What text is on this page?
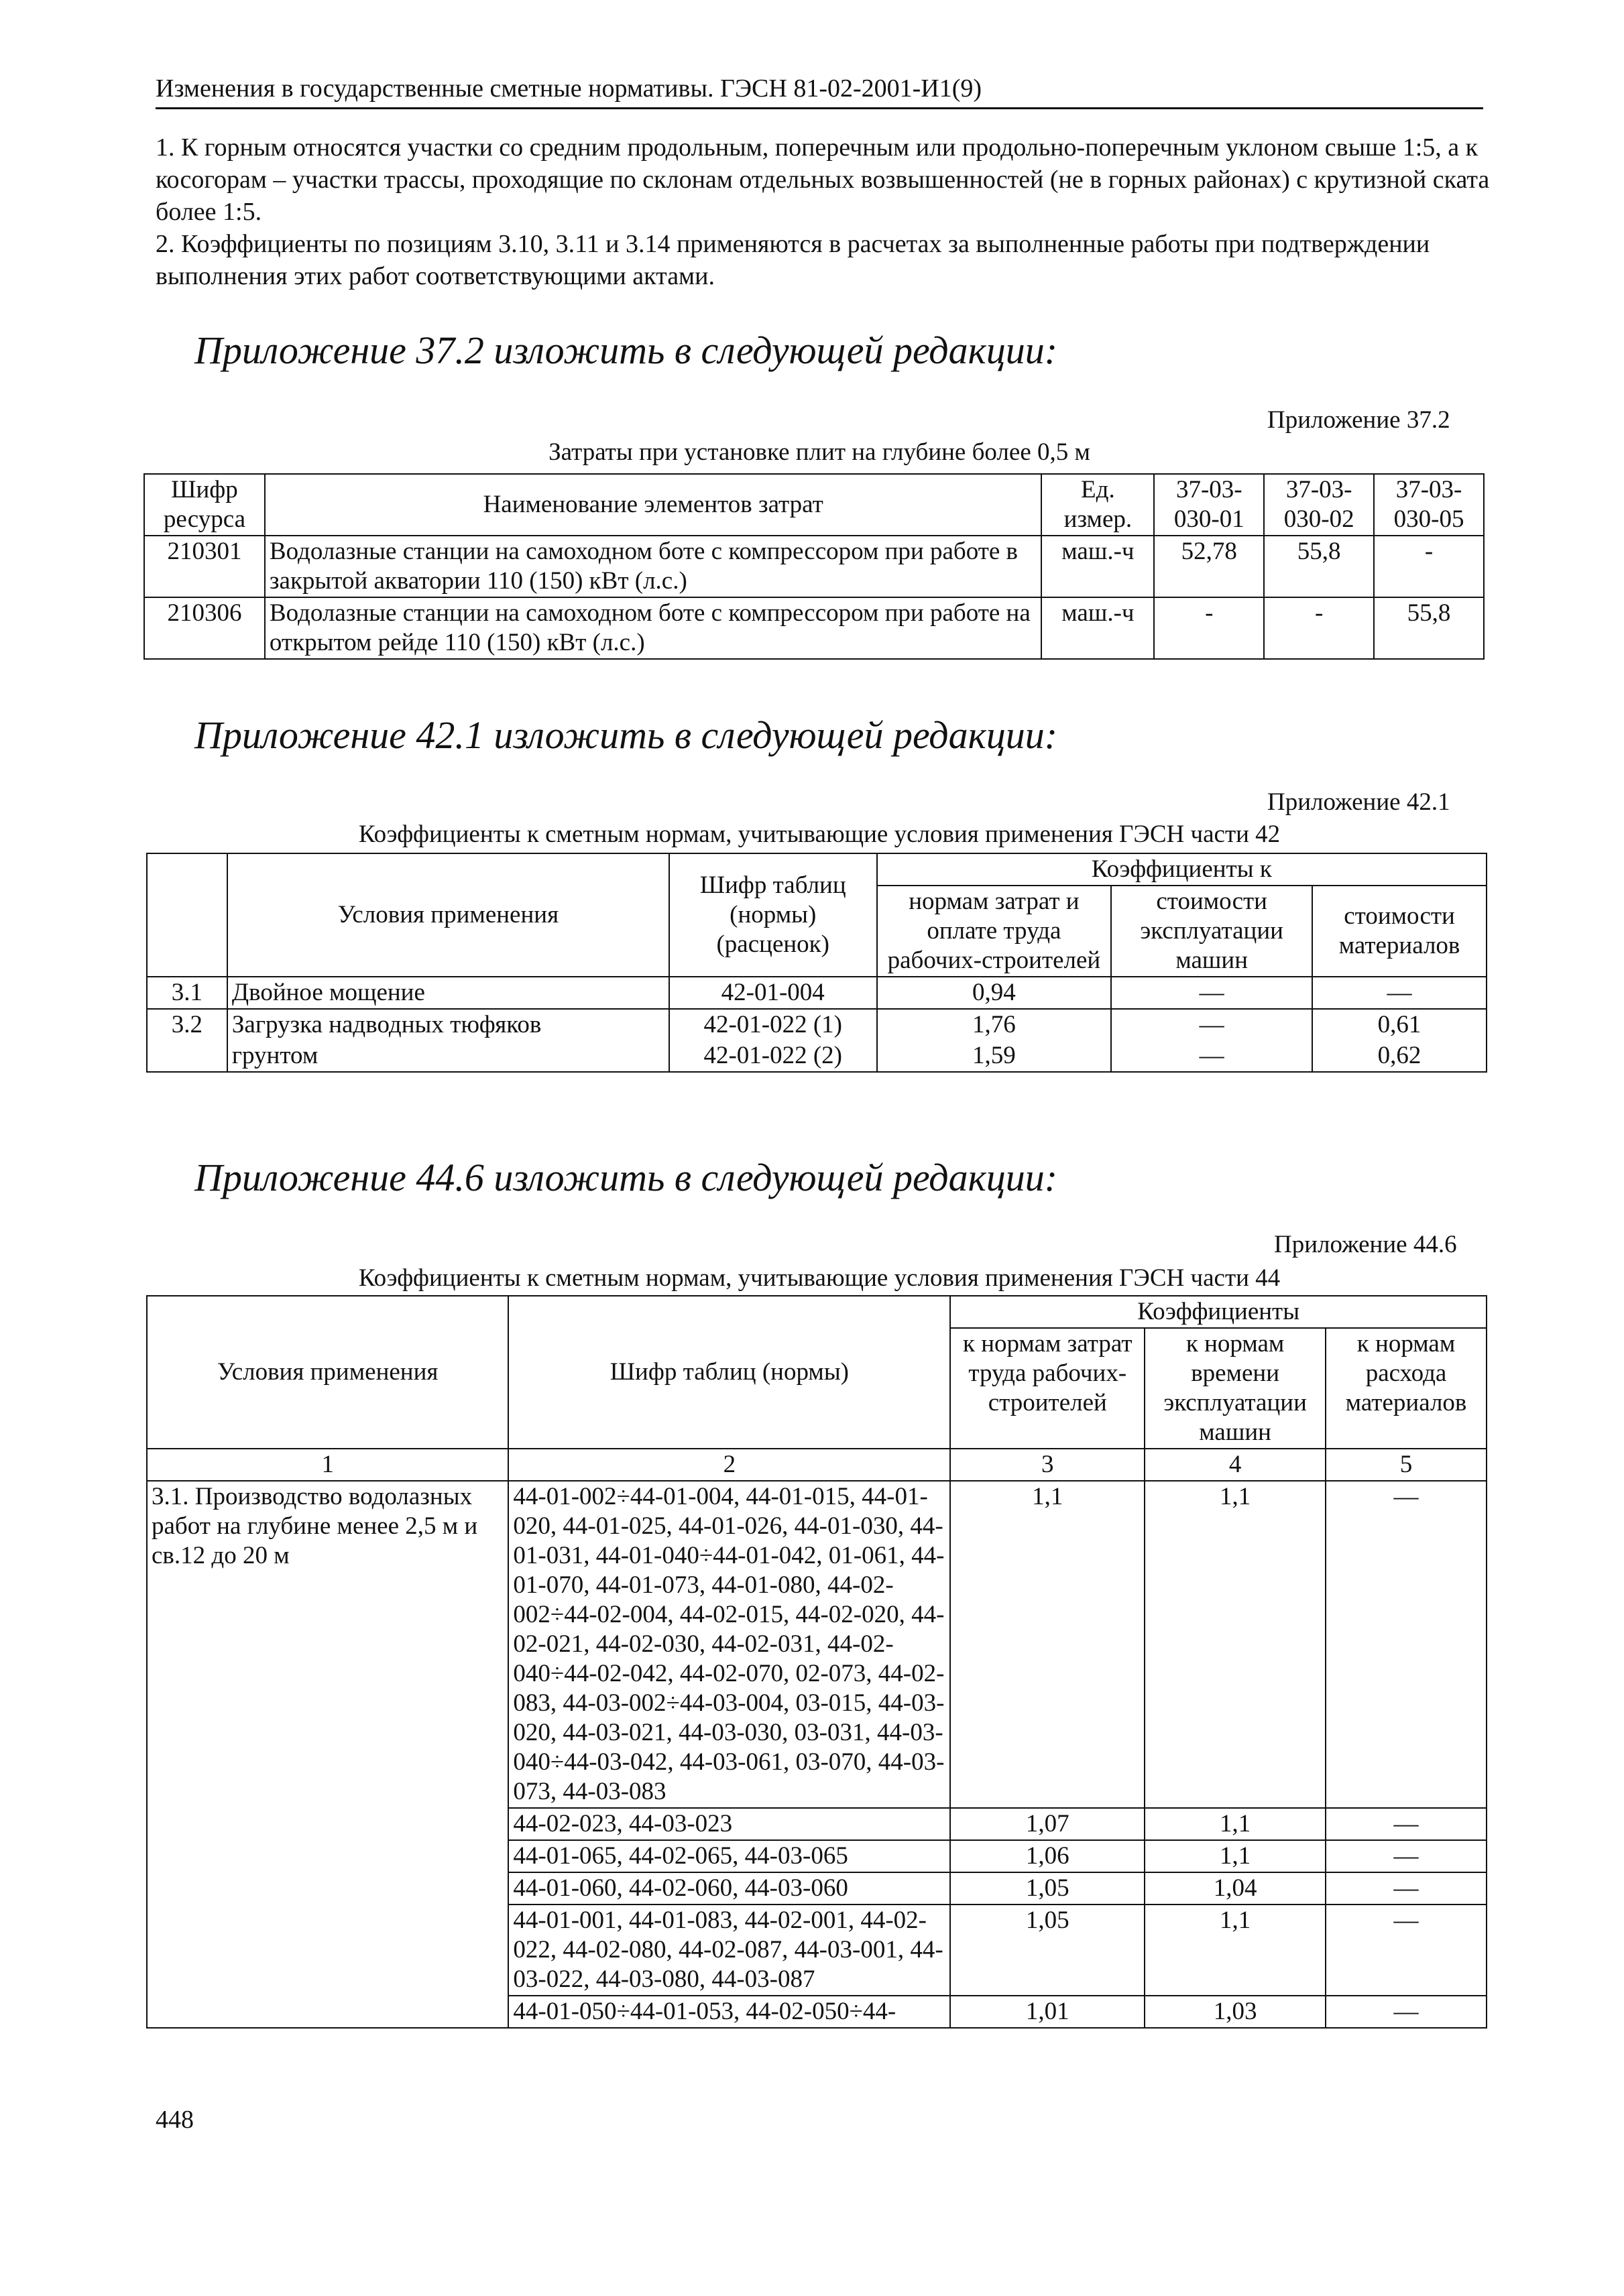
Изменения в государственные сметные нормативы. ГЭСН 81-02-2001-И1(9)

1. К горным относятся участки со средним продольным, поперечным или продольно-поперечным уклоном свыше 1:5, а к косогорам – участки трассы, проходящие по склонам отдельных возвышенностей (не в горных районах) с крутизной ската более 1:5.

2. Коэффициенты по позициям 3.10, 3.11 и 3.14 применяются в расчетах за выполненные работы при подтверждении выполнения этих работ соответствующими актами.

Приложение 37.2 изложить в следующей редакции:
Приложение 37.2
Затраты при установке плит на глубине более 0,5 м
Шифр ресурса	Наименование элементов затрат	Ед. измер.	37-03-030-01	37-03-030-02	37-03-030-05
210301	Водолазные станции на самоходном боте с компрессором при работе в закрытой акватории 110 (150) кВт (л.с.)	маш.-ч	52,78	55,8	-
210306	Водолазные станции на самоходном боте с компрессором при работе на открытом рейде 110 (150) кВт (л.с.)	маш.-ч	-	-	55,8
Приложение 42.1 изложить в следующей редакции:
Приложение 42.1
Коэффициенты к сметным нормам, учитывающие условия применения ГЭСН части 42
	Условия применения	Шифр таблиц (нормы) (расценок)	Коэффициенты к		
			нормам затрат и оплате труда рабочих-строителей	стоимости эксплуатации машин	стоимости материалов
3.1	Двойное мощение	42-01-004	0,94	—	—
3.2	Загрузка надводных тюфяков	42-01-022 (1)	1,76	—	0,61
	грунтом	42-01-022 (2)	1,59	—	0,62
Приложение 44.6 изложить в следующей редакции:
Приложение 44.6
Коэффициенты к сметным нормам, учитывающие условия применения ГЭСН части 44
Условия применения	Шифр таблиц (нормы)	Коэффициенты		
		к нормам затрат труда рабочих-строителей	к нормам времени эксплуатации машин	к нормам расхода материалов
1	2	3	4	5
3.1. Производство водолазных работ на глубине менее 2,5 м и св.12 до 20 м	44-01-002÷44-01-004, 44-01-015, 44-01-020, 44-01-025, 44-01-026, 44-01-030, 44-01-031, 44-01-040÷44-01-042, 01-061, 44-01-070, 44-01-073, 44-01-080, 44-02-002÷44-02-004, 44-02-015, 44-02-020, 44-02-021, 44-02-030, 44-02-031, 44-02-040÷44-02-042, 44-02-070, 02-073, 44-02-083, 44-03-002÷44-03-004, 03-015, 44-03-020, 44-03-021, 44-03-030, 03-031, 44-03-040÷44-03-042, 44-03-061, 03-070, 44-03-073, 44-03-083	1,1	1,1	—
	44-02-023, 44-03-023	1,07	1,1	—
	44-01-065, 44-02-065, 44-03-065	1,06	1,1	—
	44-01-060, 44-02-060, 44-03-060	1,05	1,04	—
	44-01-001, 44-01-083, 44-02-001, 44-02-022, 44-02-080, 44-02-087, 44-03-001, 44-03-022, 44-03-080, 44-03-087	1,05	1,1	—
	44-01-050÷44-01-053, 44-02-050÷44-	1,01	1,03	—
448
